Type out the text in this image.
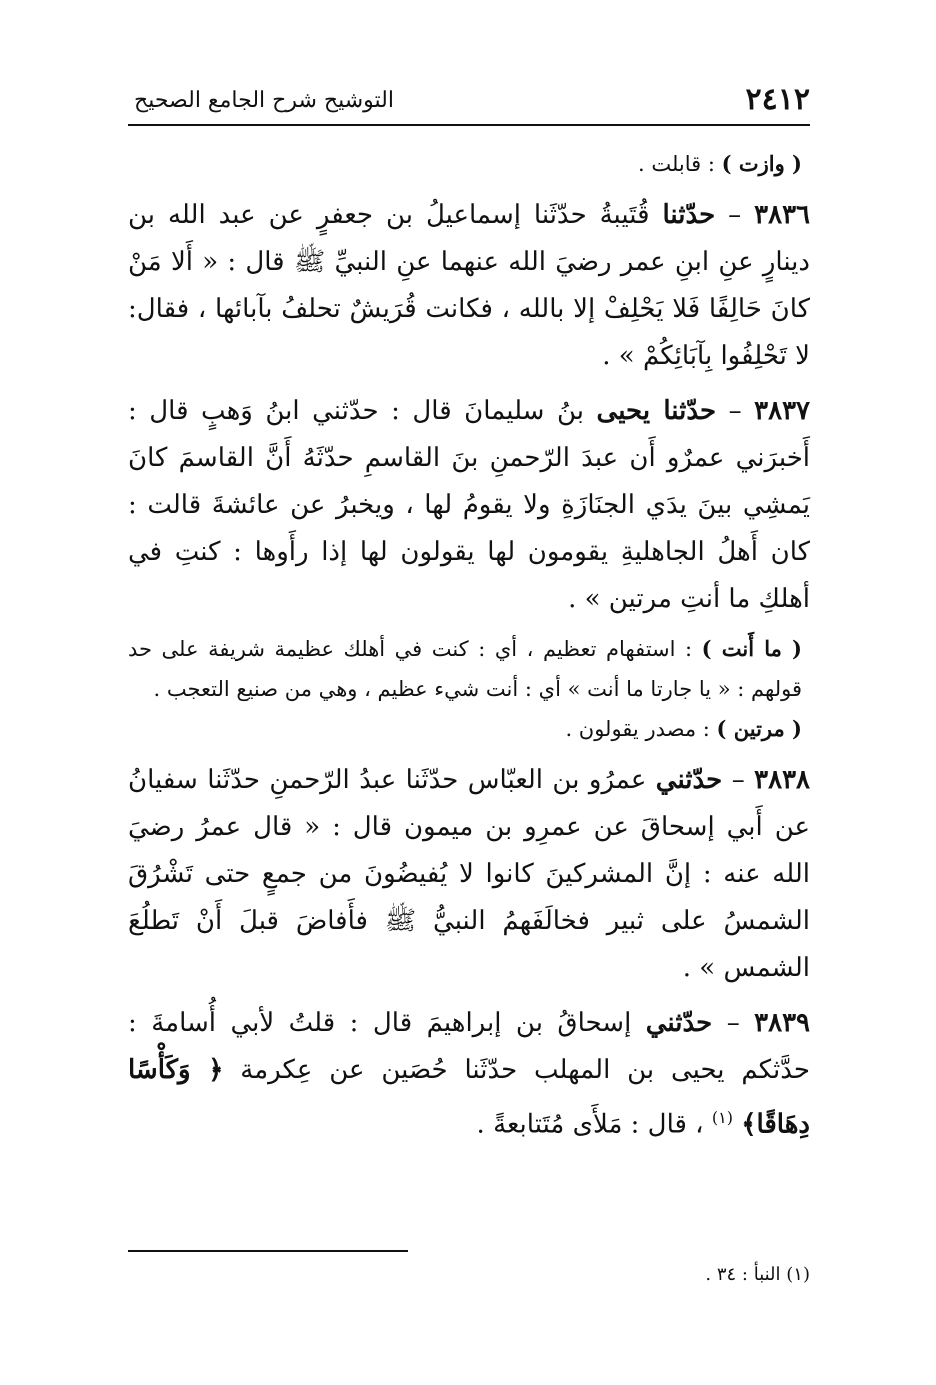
٢٤١٢
التوشيح شرح الجامع الصحيح

( وازت ) : قابلت .

٣٨٣٦ – حدّثنا قُتَيبةُ حدّثَنا إسماعيلُ بن جعفرٍ عن عبد الله بن دينارٍ عنِ ابنِ عمر رضيَ الله عنهما عنِ النبيِّ ﷺ قال : « أَلا مَنْ كانَ حَالِفًا فَلا يَحْلِفْ إلا بالله ، فكانت قُرَيشٌ تحلفُ بآبائها ، فقال: لا تَحْلِفُوا بِآبَائِكُمْ » .

٣٨٣٧ – حدّثنا يحيى بنُ سليمانَ قال : حدّثني ابنُ وَهبٍ قال : أَخبرَني عمرٌو أَن عبدَ الرّحمنِ بنَ القاسمِ حدّثَهُ أَنَّ القاسمَ كانَ يَمشِي بينَ يدَي الجنَازَةِ ولا يقومُ لها ، ويخبرُ عن عائشةَ قالت : كان أَهلُ الجاهليةِ يقومون لها يقولون لها إذا رأَوها : كنتِ في أهلكِ ما أنتِ مرتين » .

( ما أَنت ) : استفهام تعظيم ، أي : كنت في أهلك عظيمة شريفة على حد قولهم : « يا جارتا ما أنت » أي : أنت شيء عظيم ، وهي من صنيع التعجب .

( مرتين ) : مصدر يقولون .

٣٨٣٨ – حدّثني عمرُو بن العبّاس حدّثَنا عبدُ الرّحمنِ حدّثَنا سفيانُ عن أَبي إسحاقَ عن عمرِو بن ميمون قال : « قال عمرُ رضيَ الله عنه : إنَّ المشركينَ كانوا لا يُفيضُونَ من جمعٍ حتى تَشْرُقَ الشمسُ على ثبير فخالَفَهمُ النبيُّ ﷺ فأَفاضَ قبلَ أَنْ تَطلُعَ الشمس » .

٣٨٣٩ – حدّثني إسحاقُ بن إبراهيمَ قال : قلتُ لأبي أُسامةَ : حدَّثكم يحيى بن المهلب حدّثَنا حُصَين عن عِكرمة ﴿ وَكَأْسًا دِهَاقًا﴾ $^{(١)}$ ، قال : مَلأَى مُتَتابعةً .

(١) النبأ : ٣٤ .
